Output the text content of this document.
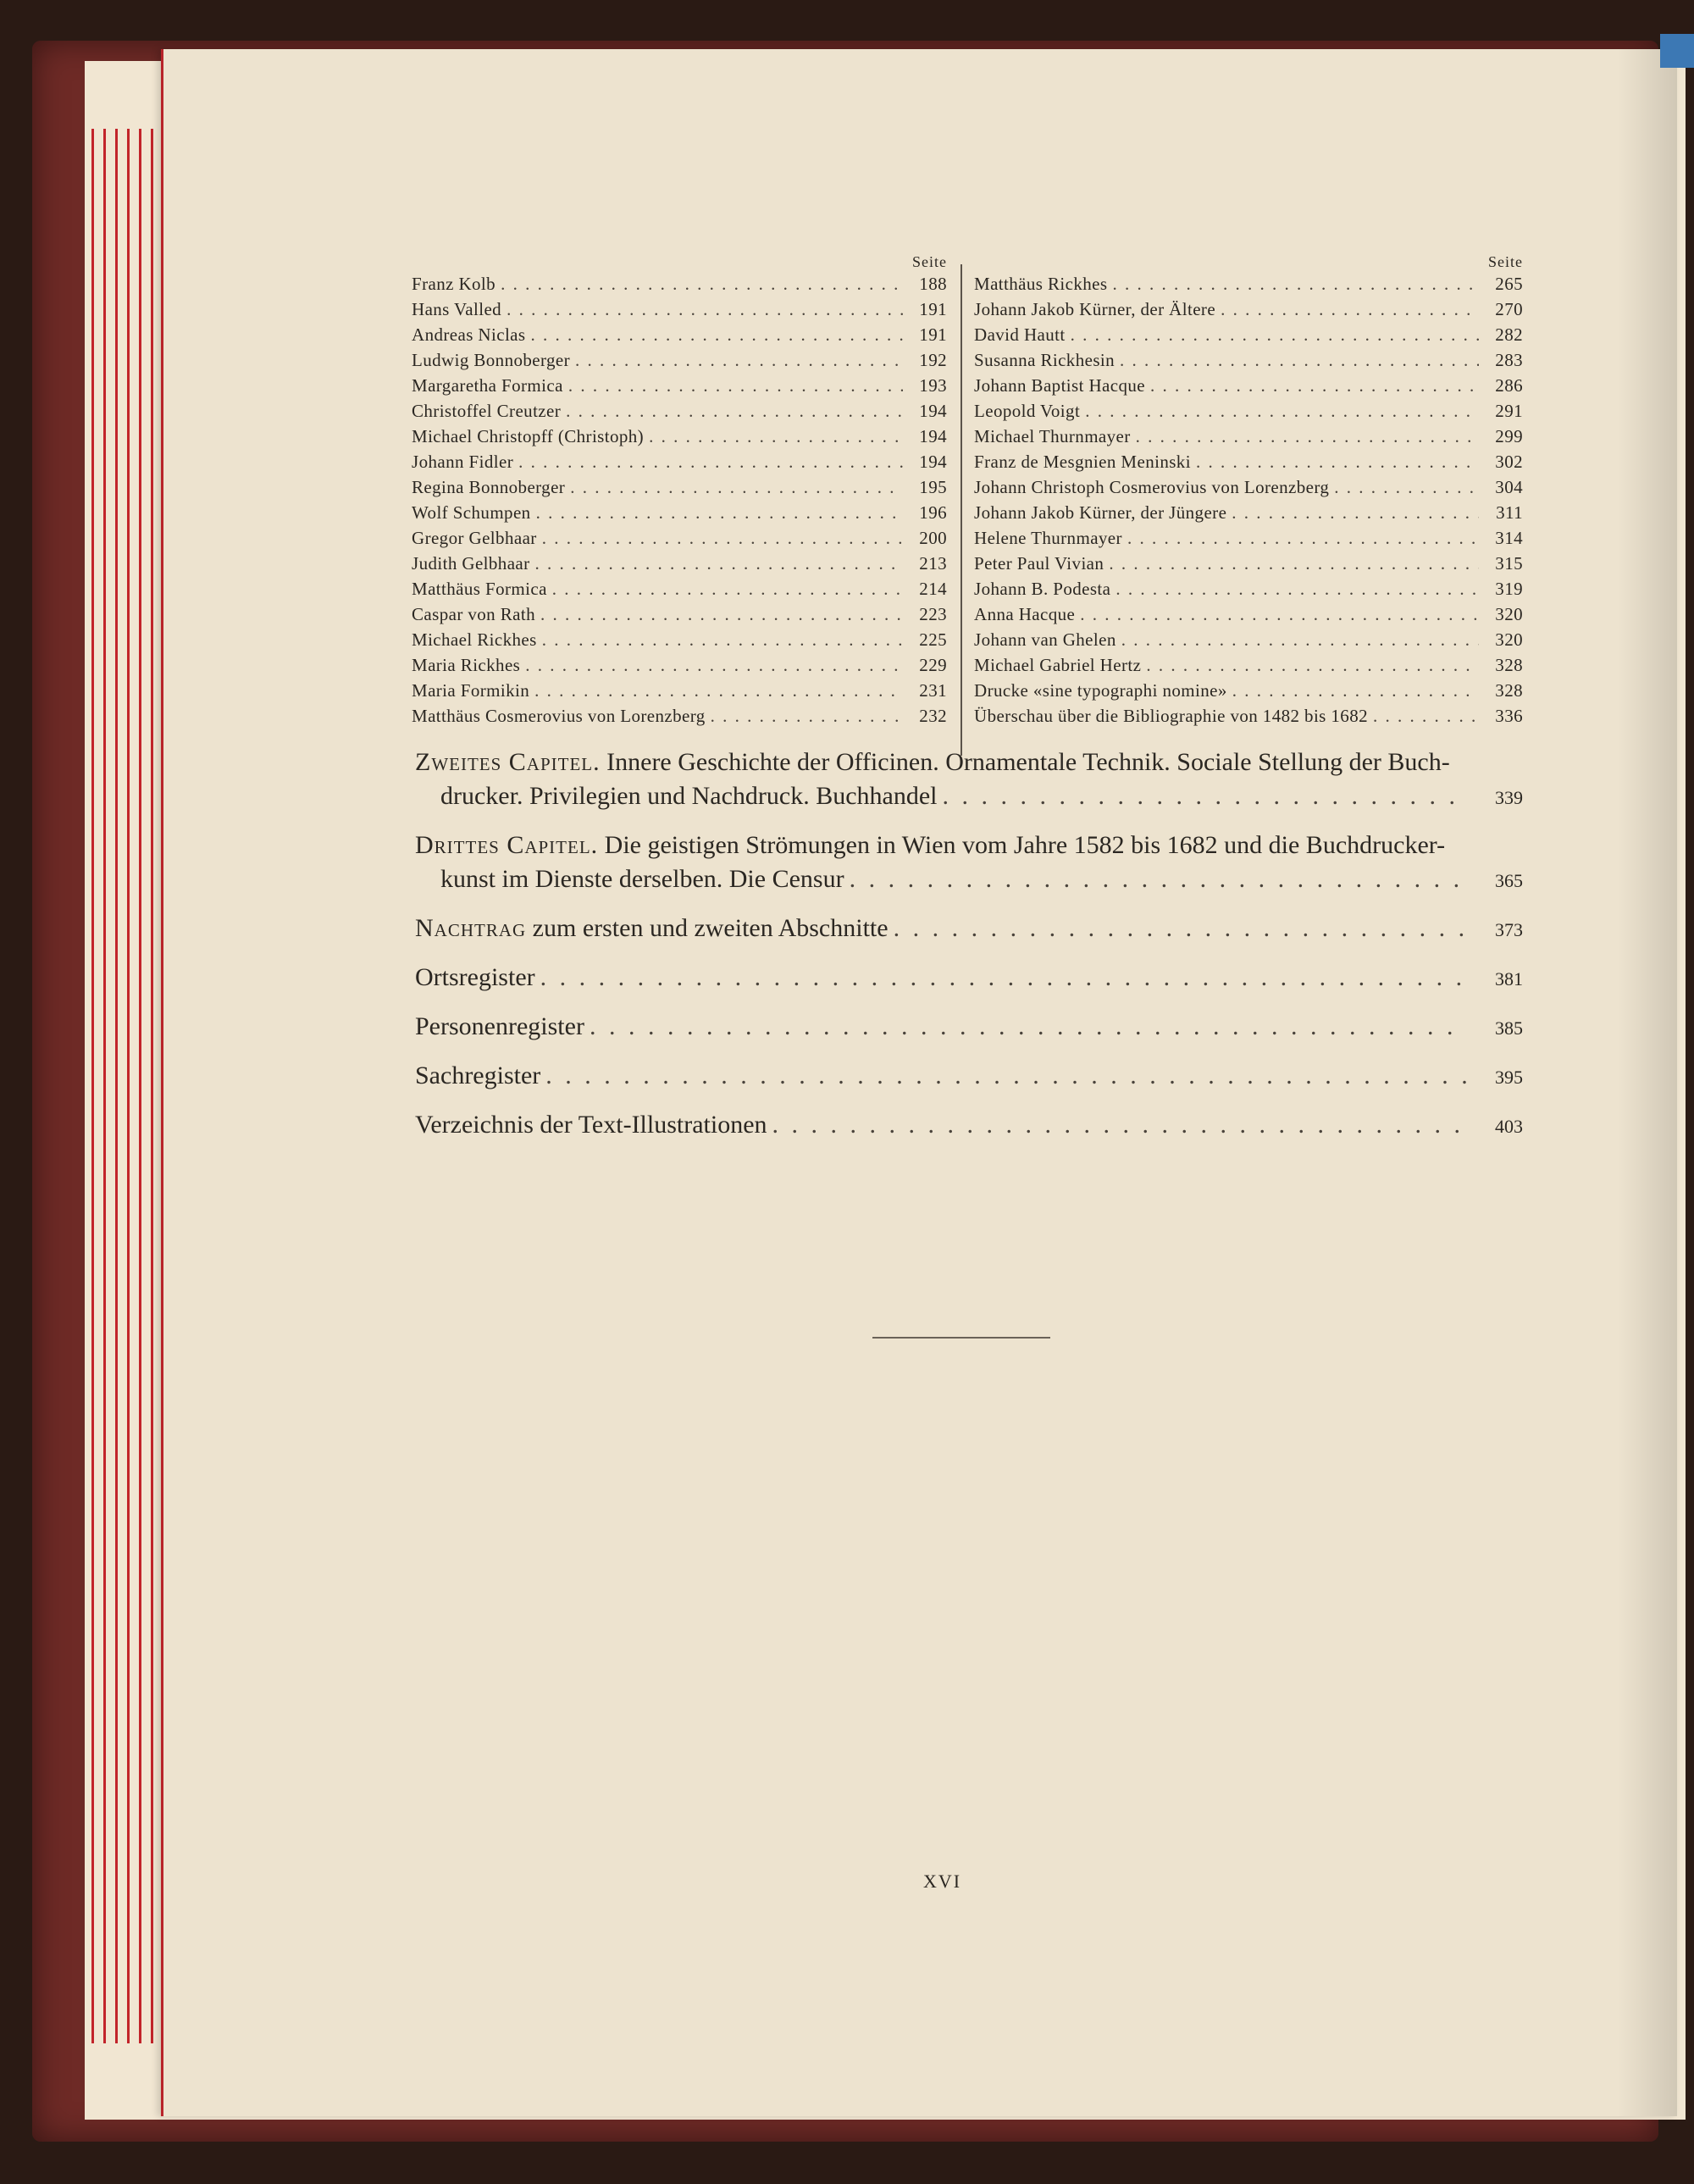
Seite
Franz Kolb . . .	188
Hans Valled . . .	191
Andreas Niclas . . .	191
Ludwig Bonnoberger . . .	192
Margaretha Formica . . .	193
Christoffel Creutzer . . .	194
Michael Christopff (Christoph) . . .	194
Johann Fidler . . .	194
Regina Bonnoberger . . .	195
Wolf Schumpen . . .	196
Gregor Gelbhaar . . .	200
Judith Gelbhaar . . .	213
Matthäus Formica . . .	214
Caspar von Rath . . .	223
Michael Rickhes . . .	225
Maria Rickhes . . .	229
Maria Formikin . . .	231
Matthäus Cosmerovius von Lorenzberg . . .	232
Seite
Matthäus Rickhes . . .	265
Johann Jakob Kürner, der Ältere . . .	270
David Hautt . . .	282
Susanna Rickhesin . . .	283
Johann Baptist Hacque . . .	286
Leopold Voigt . . .	291
Michael Thurnmayer . . .	299
Franz de Mesgnien Meninski . . .	302
Johann Christoph Cosmerovius von Lorenzberg . . .	304
Johann Jakob Kürner, der Jüngere . . .	311
Helene Thurnmayer . . .	314
Peter Paul Vivian . . .	315
Johann B. Podesta . . .	319
Anna Hacque . . .	320
Johann van Ghelen . . .	320
Michael Gabriel Hertz . . .	328
Drucke «sine typographi nomine» . . .	328
Überschau über die Bibliographie von 1482 bis 1682 . . .	336
Zweites Capitel. Innere Geschichte der Officinen. Ornamentale Technik. Sociale Stellung der Buch-
drucker. Privilegien und Nachdruck. Buchhandel . . .	339
Drittes Capitel. Die geistigen Strömungen in Wien vom Jahre 1582 bis 1682 und die Buchdrucker-
kunst im Dienste derselben. Die Censur . . .	365
Nachtrag zum ersten und zweiten Abschnitte . . .	373
Ortsregister . . .	381
Personenregister . . .	385
Sachregister . . .	395
Verzeichnis der Text-Illustrationen . . .	403
XVI
